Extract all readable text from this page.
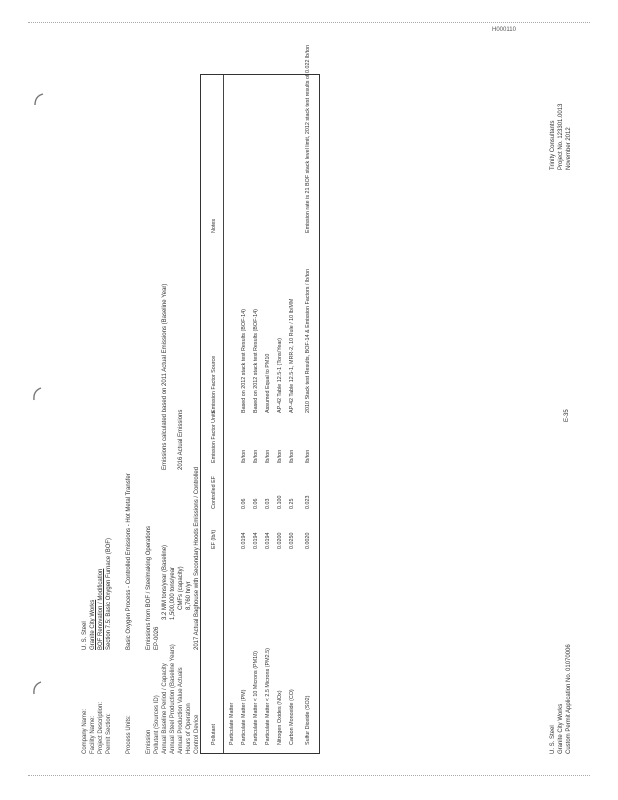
H000110
Company Name: Facility Name: Project Description: Permit Section:
U. S. Steel Granite City Works BOF Renovation / Modification Section 7.5: Basic Oxygen Furnace (BOF)
Process Units:
Basic Oxygen Process - Controlled Emissions - Hot Metal Transfer
Emission Pollutant (Sources ID) Annual Baseline Period / Capacity Annual Steel Production (Baseline Years) Annual Production Value Actuals Hours of Operation Control Device
Emissions from BOF / Steelmaking Operations EP-0026
3.2 MM tons/year (Baseline) 1,500,000 tons/year CMFs (capacity) 8,760 hr/yr 2017 Actual Baghouse with Secondary Hoods Emissions / Controlled
Emissions calculated based on 2011 Actual Emissions (Baseline Year) 2016 Actual Emissions
Pollutant
EF (lb/t)
Controlled EF
Emission Factor Units
Emission Factor Source
Notes
Particulate Matter Particulate Matter (PM)
0.0194
0.06
lb/ton
Based on 2012 stack test Results (BOF-14)
Particulate Matter < 10 Microns (PM10)
0.0194
0.06
lb/ton
Based on 2012 stack test Results (BOF-14)
Particulate Matter < 2.5 Microns (PM2.5)
0.0194
0.03
lb/ton
Assumed Equal to PM10
Nitrogen Oxides (NOx)
0.0200
0.100
lb/ton
AP-42 Table 12.5-1 (Tons/Year)
Carbon Monoxide (CO)
0.0250
0.25
lb/ton
AP-42 Table 12.5-1, MRR-2, 10 Rule / 10 lb/MM
Sulfur Dioxide (SO2)
0.0020
0.023
lb/ton
2010 Stack test Results, BOF-14 & Emission Factors / lb/ton
Emission rate is 21 BOF stack level limit, 2012 stack test results of 0.022 lb/ton
E-35
U. S. Steel Granite City Works Custom Permit Application No. 01070006
Trinity Consultants Project No. 123301.0013 November 2012
